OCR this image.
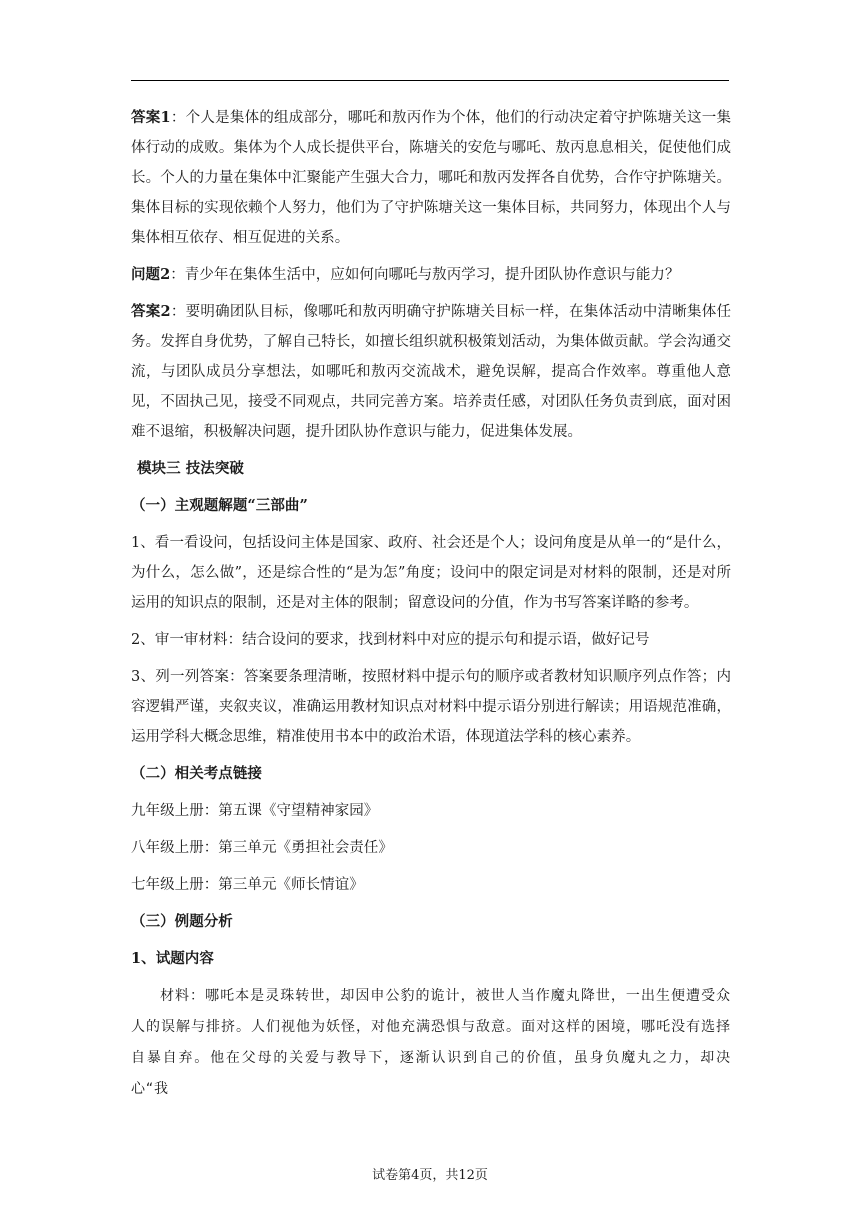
答案1：个人是集体的组成部分，哪吒和敖丙作为个体，他们的行动决定着守护陈塘关这一集体行动的成败。集体为个人成长提供平台，陈塘关的安危与哪吒、敖丙息息相关，促使他们成长。个人的力量在集体中汇聚能产生强大合力，哪吒和敖丙发挥各自优势，合作守护陈塘关。集体目标的实现依赖个人努力，他们为了守护陈塘关这一集体目标，共同努力，体现出个人与集体相互依存、相互促进的关系。

问题2：青少年在集体生活中，应如何向哪吒与敖丙学习，提升团队协作意识与能力？

答案2：要明确团队目标，像哪吒和敖丙明确守护陈塘关目标一样，在集体活动中清晰集体任务。发挥自身优势，了解自己特长，如擅长组织就积极策划活动，为集体做贡献。学会沟通交流，与团队成员分享想法，如哪吒和敖丙交流战术，避免误解，提高合作效率。尊重他人意见，不固执己见，接受不同观点，共同完善方案。培养责任感，对团队任务负责到底，面对困难不退缩，积极解决问题，提升团队协作意识与能力，促进集体发展。

模块三 技法突破

（一）主观题解题“三部曲”

1、看一看设问，包括设问主体是国家、政府、社会还是个人；设问角度是从单一的“是什么，为什么，怎么做”，还是综合性的“是为怎”角度；设问中的限定词是对材料的限制，还是对所运用的知识点的限制，还是对主体的限制；留意设问的分值，作为书写答案详略的参考。

2、审一审材料：结合设问的要求，找到材料中对应的提示句和提示语，做好记号

3、列一列答案：答案要条理清晰，按照材料中提示句的顺序或者教材知识顺序列点作答；内容逻辑严谨，夹叙夹议，准确运用教材知识点对材料中提示语分别进行解读；用语规范准确，运用学科大概念思维，精准使用书本中的政治术语，体现道法学科的核心素养。

（二）相关考点链接

九年级上册：第五课《守望精神家园》

八年级上册：第三单元《勇担社会责任》

七年级上册：第三单元《师长情谊》

（三）例题分析

1、试题内容

材料：哪吒本是灵珠转世，却因申公豹的诡计，被世人当作魔丸降世，一出生便遭受众人的误解与排挤。人们视他为妖怪，对他充满恐惧与敌意。面对这样的困境，哪吒没有选择自暴自弃。他在父母的关爱与教导下，逐渐认识到自己的价值，虽身负魔丸之力，却决心“我

试卷第4页，共12页
